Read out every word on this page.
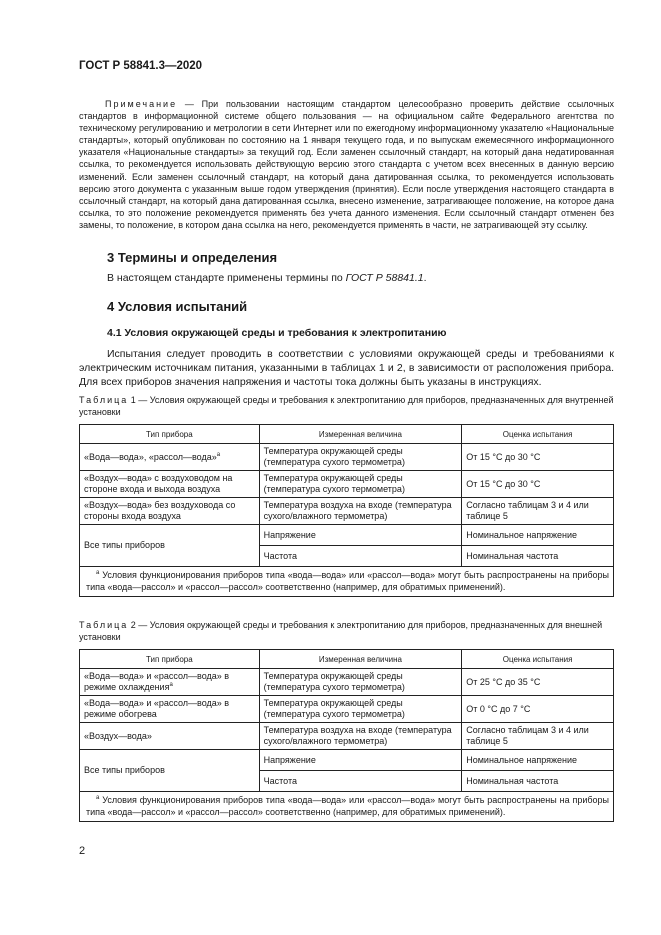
ГОСТ Р 58841.3—2020

Примечание — При пользовании настоящим стандартом целесообразно проверить действие ссылочных стандартов в информационной системе общего пользования — на официальном сайте Федерального агентства по техническому регулированию и метрологии в сети Интернет или по ежегодному информационному указателю «Национальные стандарты», который опубликован по состоянию на 1 января текущего года, и по выпускам ежемесячного информационного указателя «Национальные стандарты» за текущий год. Если заменен ссылочный стандарт, на который дана недатированная ссылка, то рекомендуется использовать действующую версию этого стандарта с учетом всех внесенных в данную версию изменений. Если заменен ссылочный стандарт, на который дана датированная ссылка, то рекомендуется использовать версию этого документа с указанным выше годом утверждения (принятия). Если после утверждения настоящего стандарта в ссылочный стандарт, на который дана датированная ссылка, внесено изменение, затрагивающее положение, на которое дана ссылка, то это положение рекомендуется применять без учета данного изменения. Если ссылочный стандарт отменен без замены, то положение, в котором дана ссылка на него, рекомендуется применять в части, не затрагивающей эту ссылку.

3 Термины и определения

В настоящем стандарте применены термины по ГОСТ Р 58841.1.

4 Условия испытаний
4.1 Условия окружающей среды и требования к электропитанию

Испытания следует проводить в соответствии с условиями окружающей среды и требованиями к электрическим источникам питания, указанными в таблицах 1 и 2, в зависимости от расположения прибора. Для всех приборов значения напряжения и частоты тока должны быть указаны в инструкциях.

Таблица 1 — Условия окружающей среды и требования к электропитанию для приборов, предназначенных для внутренней установки
Тип прибора	Измеренная величина	Оценка испытания
«Вода—вода», «рассол—вода»$^a$	Температура окружающей среды (температура сухого термометра)	От 15 °C до 30 °C
«Воздух—вода» с воздуховодом на стороне входа и выхода воздуха	Температура окружающей среды (температура сухого термометра)	От 15 °C до 30 °C
«Воздух—вода» без воздуховода со стороны входа воздуха	Температура воздуха на входе (температура сухого/влажного термометра)	Согласно таблицам 3 и 4 или таблице 5
Все типы приборов	Напряжение	Номинальное напряжение
	Частота	Номинальная частота
$^a$ Условия функционирования приборов типа «вода—вода» или «рассол—вода» могут быть распространены на приборы типа «вода—рассол» и «рассол—рассол» соответственно (например, для обратимых применений).		
Таблица 2 — Условия окружающей среды и требования к электропитанию для приборов, предназначенных для внешней установки
Тип прибора	Измеренная величина	Оценка испытания
«Вода—вода» и «рассол—вода» в режиме охлаждения$^a$	Температура окружающей среды (температура сухого термометра)	От 25 °C до 35 °C
«Вода—вода» и «рассол—вода» в режиме обогрева	Температура окружающей среды (температура сухого термометра)	От 0 °C до 7 °C
«Воздух—вода»	Температура воздуха на входе (температура сухого/влажного термометра)	Согласно таблицам 3 и 4 или таблице 5
Все типы приборов	Напряжение	Номинальное напряжение
	Частота	Номинальная частота
$^a$ Условия функционирования приборов типа «вода—вода» или «рассол—вода» могут быть распространены на приборы типа «вода—рассол» и «рассол—рассол» соответственно (например, для обратимых применений).		
2
